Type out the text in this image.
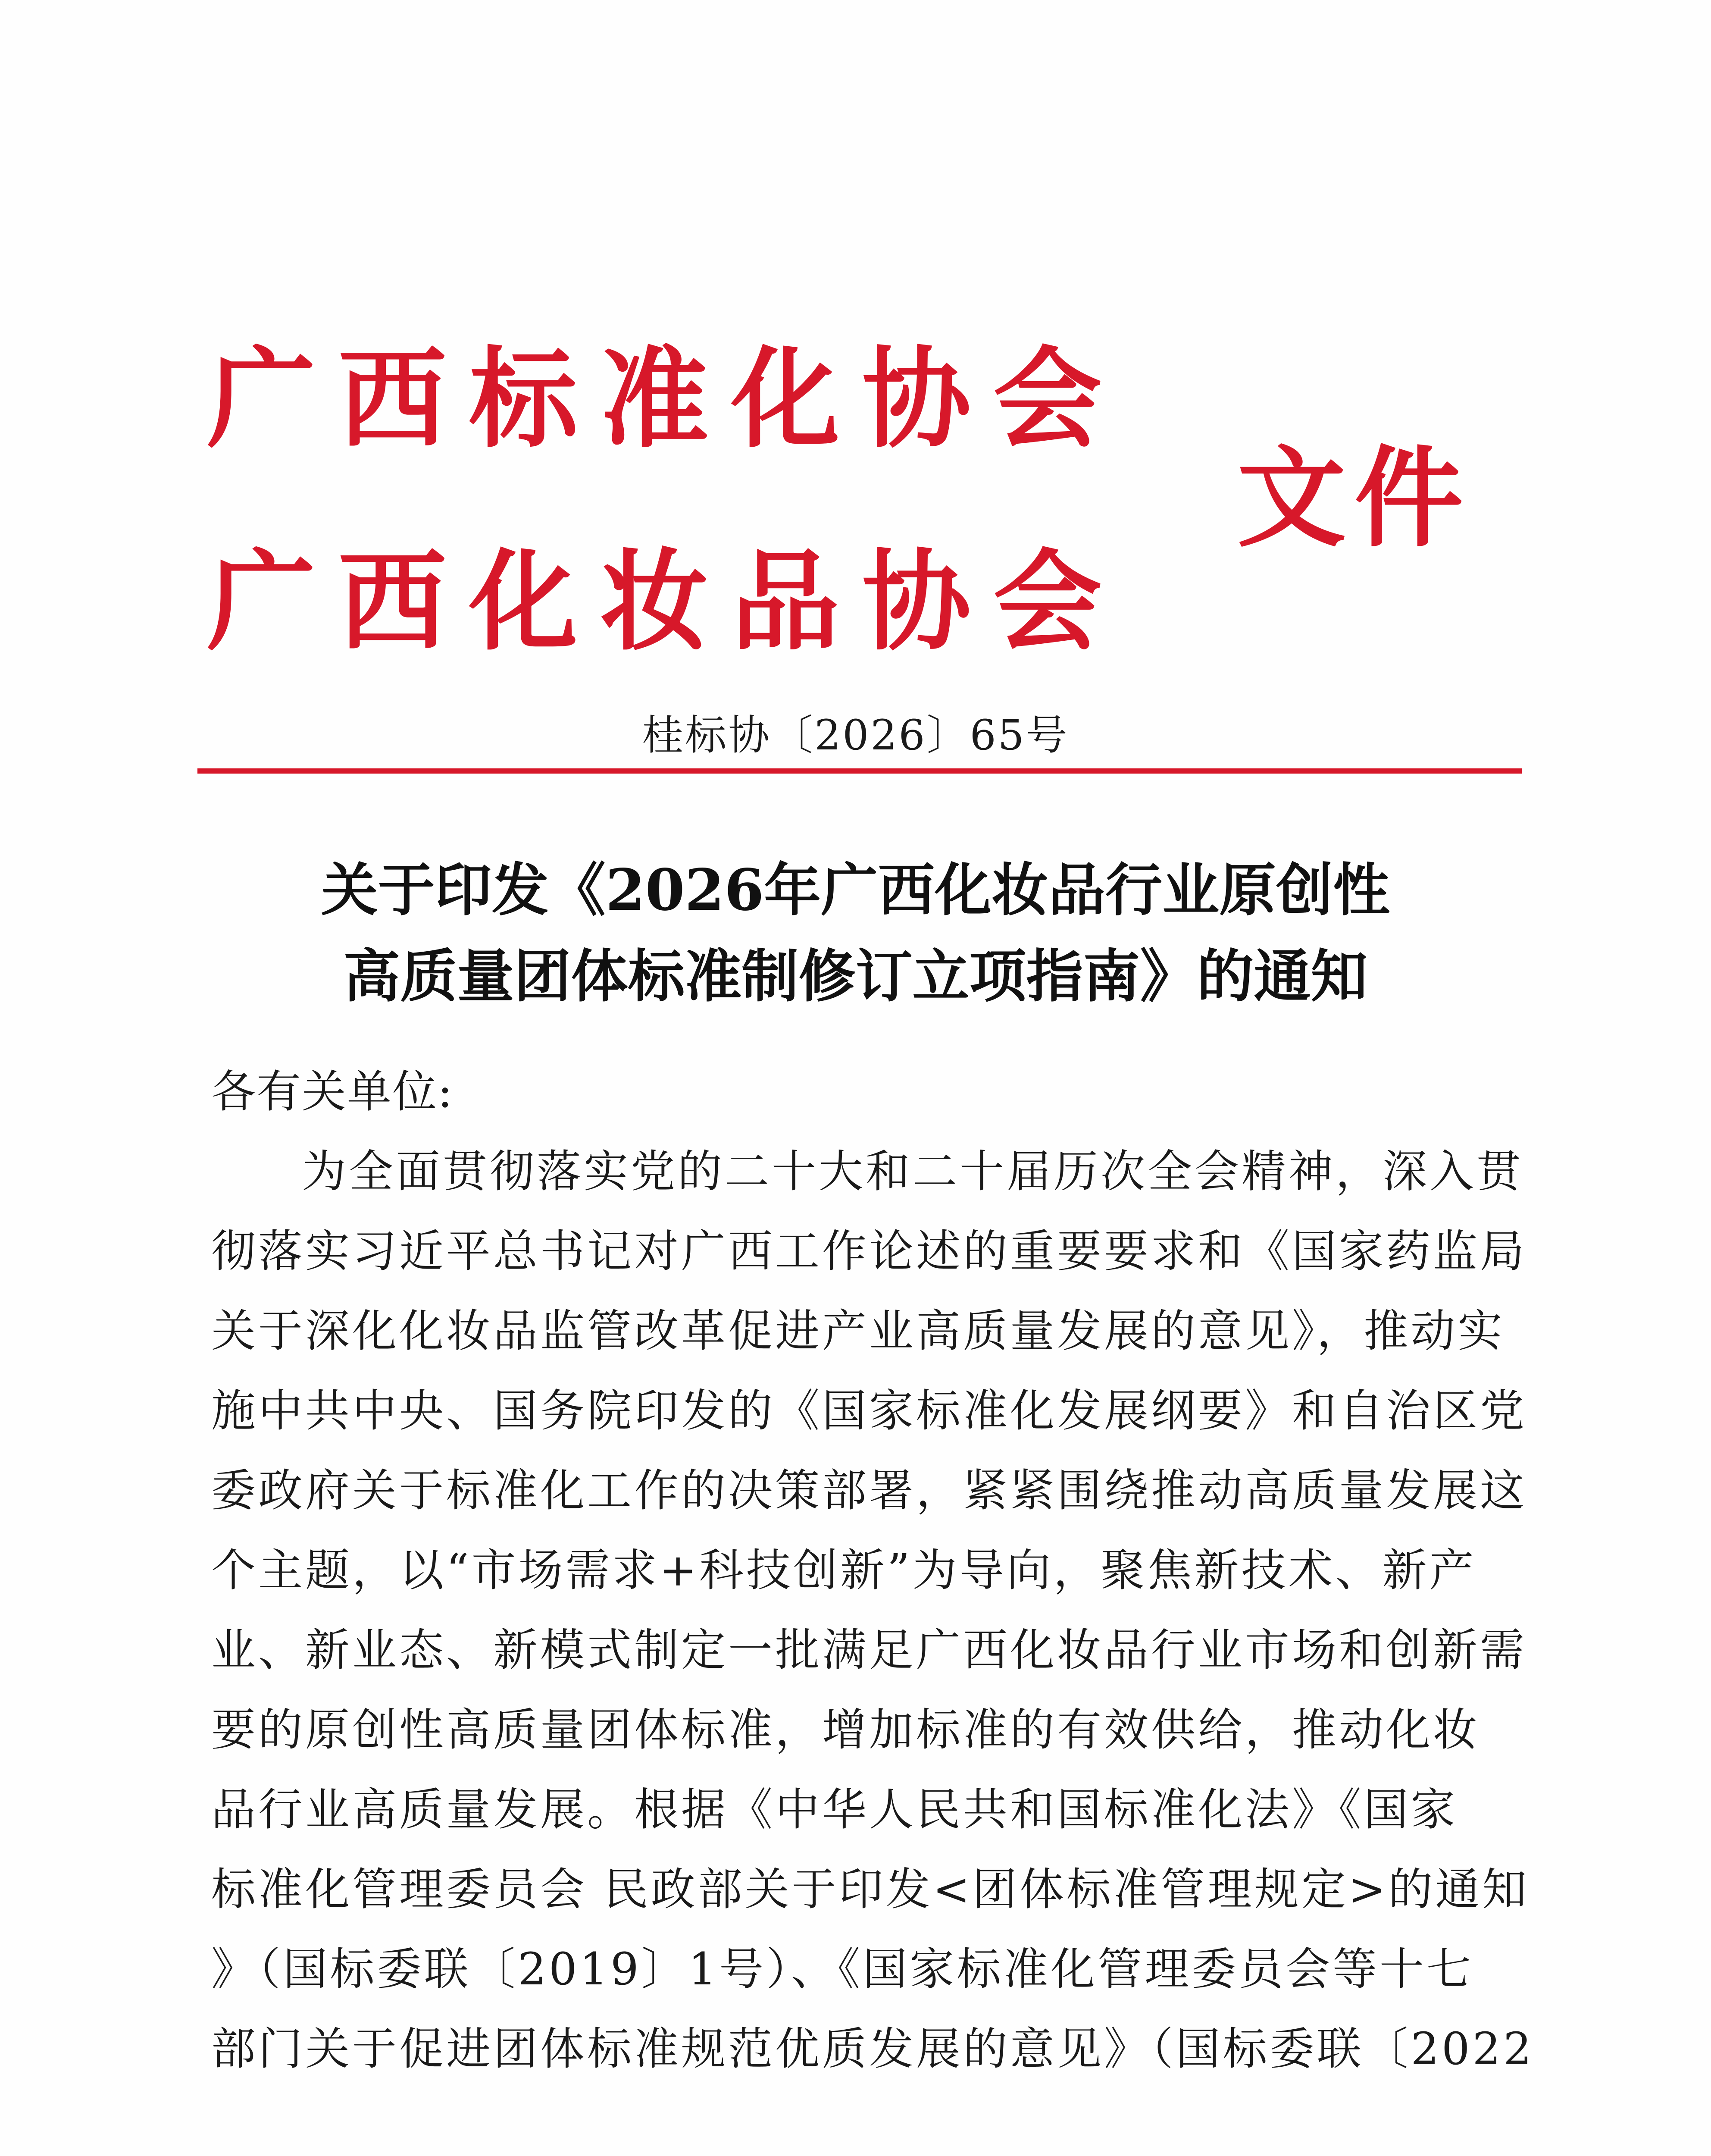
广西标准化协会
广西化妆品协会
文件
桂标协〔2026〕65号
关于印发《2026年广西化妆品行业原创性
高质量团体标准制修订立项指南》的通知
各有关单位:
为全面贯彻落实党的二十大和二十届历次全会精神，深入贯
彻落实习近平总书记对广西工作论述的重要要求和《国家药监局
关于深化化妆品监管改革促进产业高质量发展的意见》，推动实
施中共中央、国务院印发的《国家标准化发展纲要》和自治区党
委政府关于标准化工作的决策部署，紧紧围绕推动高质量发展这
个主题，以“市场需求+科技创新”为导向，聚焦新技术、新产
业、新业态、新模式制定一批满足广西化妆品行业市场和创新需
要的原创性高质量团体标准，增加标准的有效供给，推动化妆
品行业高质量发展。根据《中华人民共和国标准化法》《国家
标准化管理委员会 民政部关于印发<团体标准管理规定>的通知
》（国标委联〔2019〕1号）、《国家标准化管理委员会等十七
部门关于促进团体标准规范优质发展的意见》（国标委联〔2022
